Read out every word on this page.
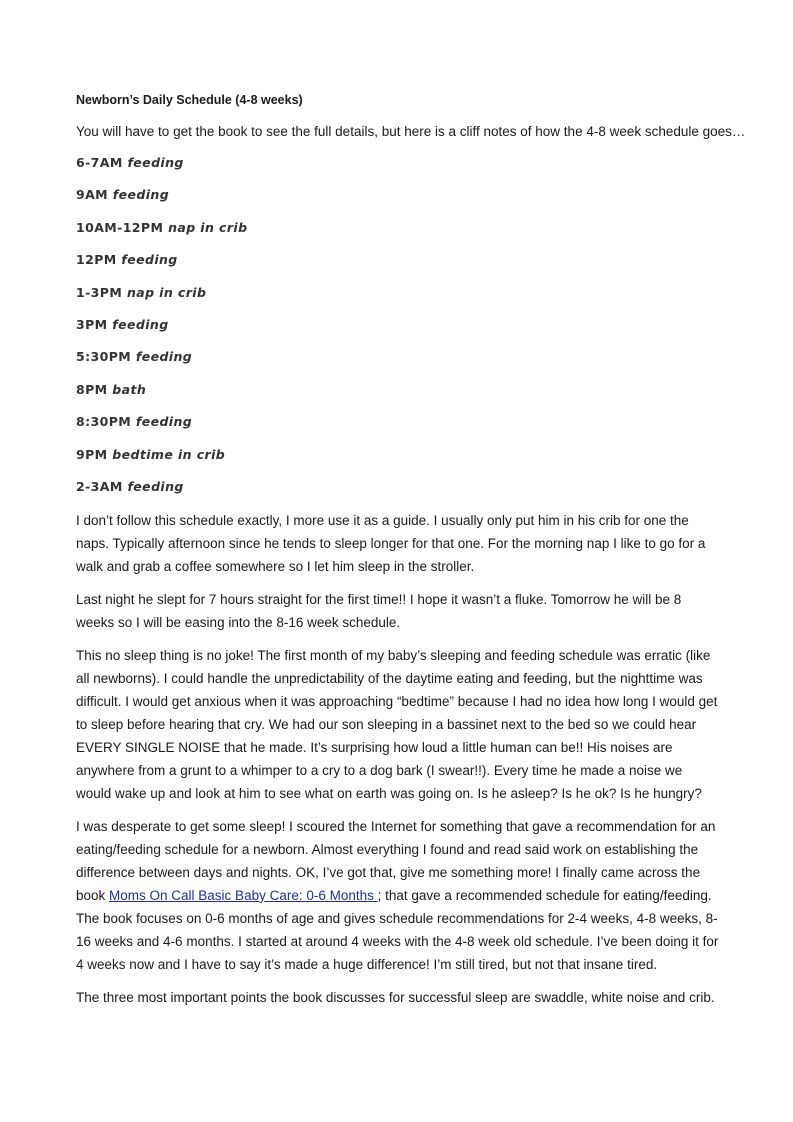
Newborn’s Daily Schedule (4-8 weeks)
You will have to get the book to see the full details, but here is a cliff notes of how the 4-8 week schedule goes…
6-7AM feeding
9AM feeding
10AM-12PM nap in crib
12PM feeding
1-3PM nap in crib
3PM feeding
5:30PM feeding
8PM bath
8:30PM feeding
9PM bedtime in crib
2-3AM feeding

I don’t follow this schedule exactly, I more use it as a guide. I usually only put him in his crib for one the naps. Typically afternoon since he tends to sleep longer for that one. For the morning nap I like to go for a walk and grab a coffee somewhere so I let him sleep in the stroller.

Last night he slept for 7 hours straight for the first time!! I hope it wasn’t a fluke. Tomorrow he will be 8 weeks so I will be easing into the 8-16 week schedule.

This no sleep thing is no joke! The first month of my baby’s sleeping and feeding schedule was erratic (like all newborns). I could handle the unpredictability of the daytime eating and feeding, but the nighttime was difficult. I would get anxious when it was approaching “bedtime” because I had no idea how long I would get to sleep before hearing that cry. We had our son sleeping in a bassinet next to the bed so we could hear EVERY SINGLE NOISE that he made. It’s surprising how loud a little human can be!! His noises are anywhere from a grunt to a whimper to a cry to a dog bark (I swear!!). Every time he made a noise we would wake up and look at him to see what on earth was going on. Is he asleep? Is he ok? Is he hungry?

I was desperate to get some sleep! I scoured the Internet for something that gave a recommendation for an eating/feeding schedule for a newborn. Almost everything I found and read said work on establishing the difference between days and nights. OK, I’ve got that, give me something more! I finally came across the book Moms On Call Basic Baby Care: 0-6 Months ; that gave a recommended schedule for eating/feeding. The book focuses on 0-6 months of age and gives schedule recommendations for 2-4 weeks, 4-8 weeks, 8-16 weeks and 4-6 months. I started at around 4 weeks with the 4-8 week old schedule. I’ve been doing it for 4 weeks now and I have to say it’s made a huge difference! I’m still tired, but not that insane tired.

The three most important points the book discusses for successful sleep are swaddle, white noise and crib.
